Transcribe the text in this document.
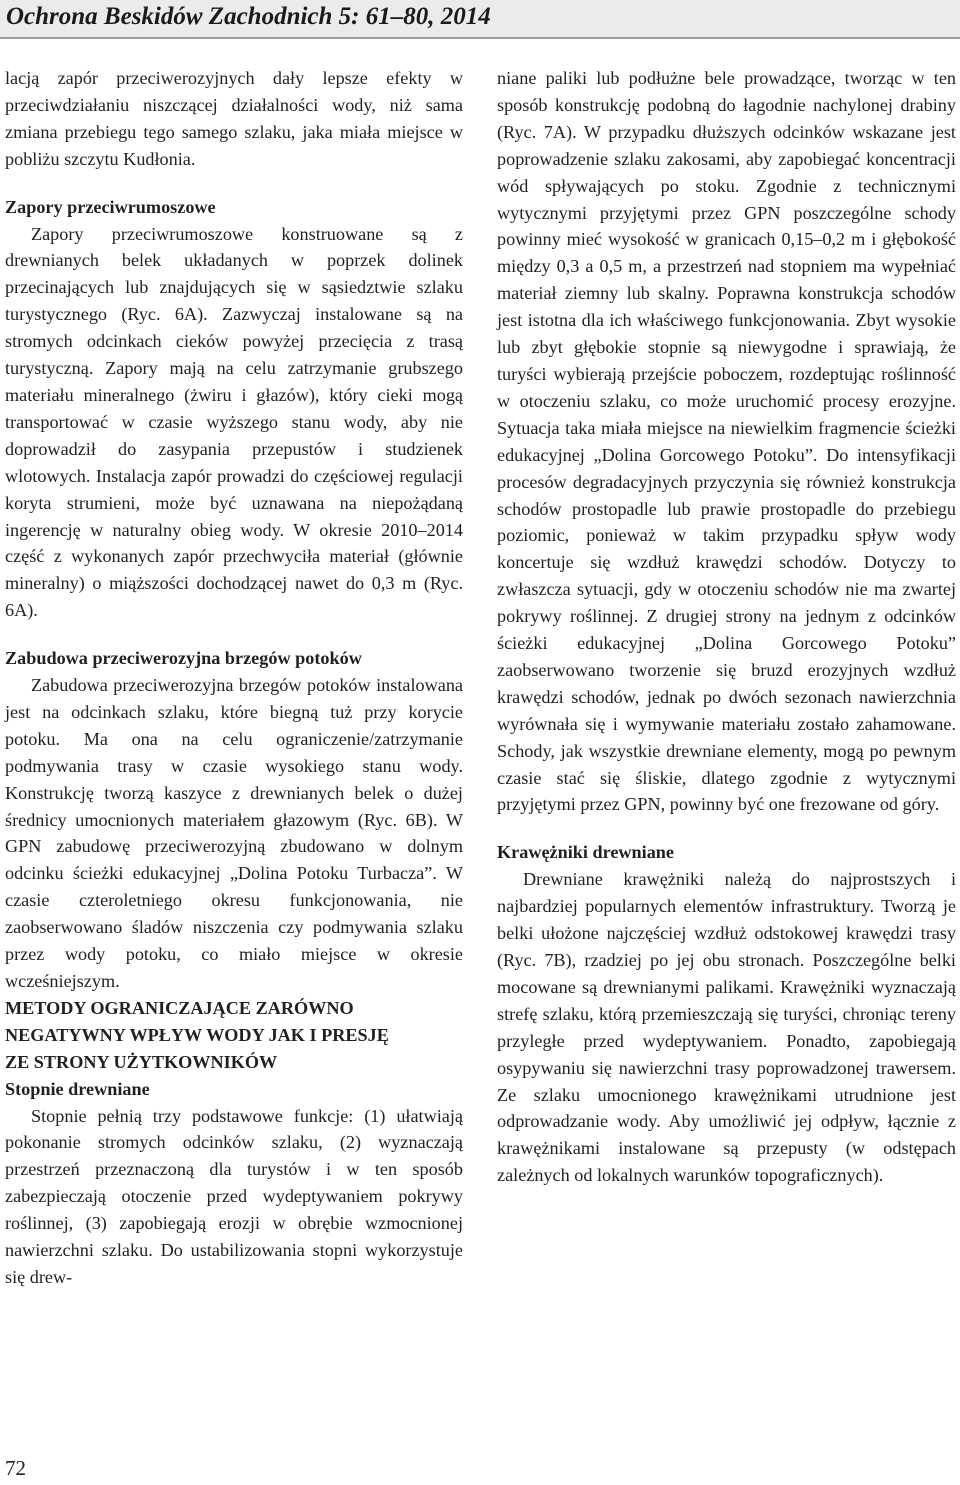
Ochrona Beskidów Zachodnich 5: 61–80, 2014

lacją zapór przeciwerozyjnych dały lepsze efekty w przeciwdziałaniu niszczącej działalności wody, niż sama zmiana przebiegu tego samego szlaku, jaka miała miejsce w pobliżu szczytu Kudłonia.

Zapory przeciwrumoszowe

Zapory przeciwrumoszowe konstruowane są z drewnianych belek układanych w poprzek dolinek przecinających lub znajdujących się w sąsiedztwie szlaku turystycznego (Ryc. 6A). Zazwyczaj instalowane są na stromych odcinkach cieków powyżej przecięcia z trasą turystyczną. Zapory mają na celu zatrzymanie grubszego materiału mineralnego (żwiru i głazów), który cieki mogą transportować w czasie wyższego stanu wody, aby nie doprowadził do zasypania przepustów i studzienek wlotowych. Instalacja zapór prowadzi do częściowej regulacji koryta strumieni, może być uznawana na niepożądaną ingerencję w naturalny obieg wody. W okresie 2010–2014 część z wykonanych zapór przechwyciła materiał (głównie mineralny) o miąższości dochodzącej nawet do 0,3 m (Ryc. 6A).

Zabudowa przeciwerozyjna brzegów potoków

Zabudowa przeciwerozyjna brzegów potoków instalowana jest na odcinkach szlaku, które biegną tuż przy korycie potoku. Ma ona na celu ograniczenie/zatrzymanie podmywania trasy w czasie wysokiego stanu wody. Konstrukcję tworzą kaszyce z drewnianych belek o dużej średnicy umocnionych materiałem głazowym (Ryc. 6B). W GPN zabudowę przeciwerozyjną zbudowano w dolnym odcinku ścieżki edukacyjnej „Dolina Potoku Turbacza”. W czasie czteroletniego okresu funkcjonowania, nie zaobserwowano śladów niszczenia czy podmywania szlaku przez wody potoku, co miało miejsce w okresie wcześniejszym.

METODY OGRANICZAJĄCE ZARÓWNO
NEGATYWNY WPŁYW WODY JAK I PRESJĘ
ZE STRONY UŻYTKOWNIKÓW

Stopnie drewniane

Stopnie pełnią trzy podstawowe funkcje: (1) ułatwiają pokonanie stromych odcinków szlaku, (2) wyznaczają przestrzeń przeznaczoną dla turystów i w ten sposób zabezpieczają otoczenie przed wydeptywaniem pokrywy roślinnej, (3) zapobiegają erozji w obrębie wzmocnionej nawierzchni szlaku. Do ustabilizowania stopni wykorzystuje się drew-

niane paliki lub podłużne bele prowadzące, tworząc w ten sposób konstrukcję podobną do łagodnie nachylonej drabiny (Ryc. 7A). W przypadku dłuższych odcinków wskazane jest poprowadzenie szlaku zakosami, aby zapobiegać koncentracji wód spływających po stoku. Zgodnie z technicznymi wytycznymi przyjętymi przez GPN poszczególne schody powinny mieć wysokość w granicach 0,15–0,2 m i głębokość między 0,3 a 0,5 m, a przestrzeń nad stopniem ma wypełniać materiał ziemny lub skalny. Poprawna konstrukcja schodów jest istotna dla ich właściwego funkcjonowania. Zbyt wysokie lub zbyt głębokie stopnie są niewygodne i sprawiają, że turyści wybierają przejście poboczem, rozdeptując roślinność w otoczeniu szlaku, co może uruchomić procesy erozyjne. Sytuacja taka miała miejsce na niewielkim fragmencie ścieżki edukacyjnej „Dolina Gorcowego Potoku”. Do intensyfikacji procesów degradacyjnych przyczynia się również konstrukcja schodów prostopadle lub prawie prostopadle do przebiegu poziomic, ponieważ w takim przypadku spływ wody koncertuje się wzdłuż krawędzi schodów. Dotyczy to zwłaszcza sytuacji, gdy w otoczeniu schodów nie ma zwartej pokrywy roślinnej. Z drugiej strony na jednym z odcinków ścieżki edukacyjnej „Dolina Gorcowego Potoku” zaobserwowano tworzenie się bruzd erozyjnych wzdłuż krawędzi schodów, jednak po dwóch sezonach nawierzchnia wyrównała się i wymywanie materiału zostało zahamowane. Schody, jak wszystkie drewniane elementy, mogą po pewnym czasie stać się śliskie, dlatego zgodnie z wytycznymi przyjętymi przez GPN, powinny być one frezowane od góry.

Krawężniki drewniane

Drewniane krawężniki należą do najprostszych i najbardziej popularnych elementów infrastruktury. Tworzą je belki ułożone najczęściej wzdłuż odstokowej krawędzi trasy (Ryc. 7B), rzadziej po jej obu stronach. Poszczególne belki mocowane są drewnianymi palikami. Krawężniki wyznaczają strefę szlaku, którą przemieszczają się turyści, chroniąc tereny przyległe przed wydeptywaniem. Ponadto, zapobiegają osypywaniu się nawierzchni trasy poprowadzonej trawersem. Ze szlaku umocnionego krawężnikami utrudnione jest odprowadzanie wody. Aby umożliwić jej odpływ, łącznie z krawężnikami instalowane są przepusty (w odstępach zależnych od lokalnych warunków topograficznych).

72
